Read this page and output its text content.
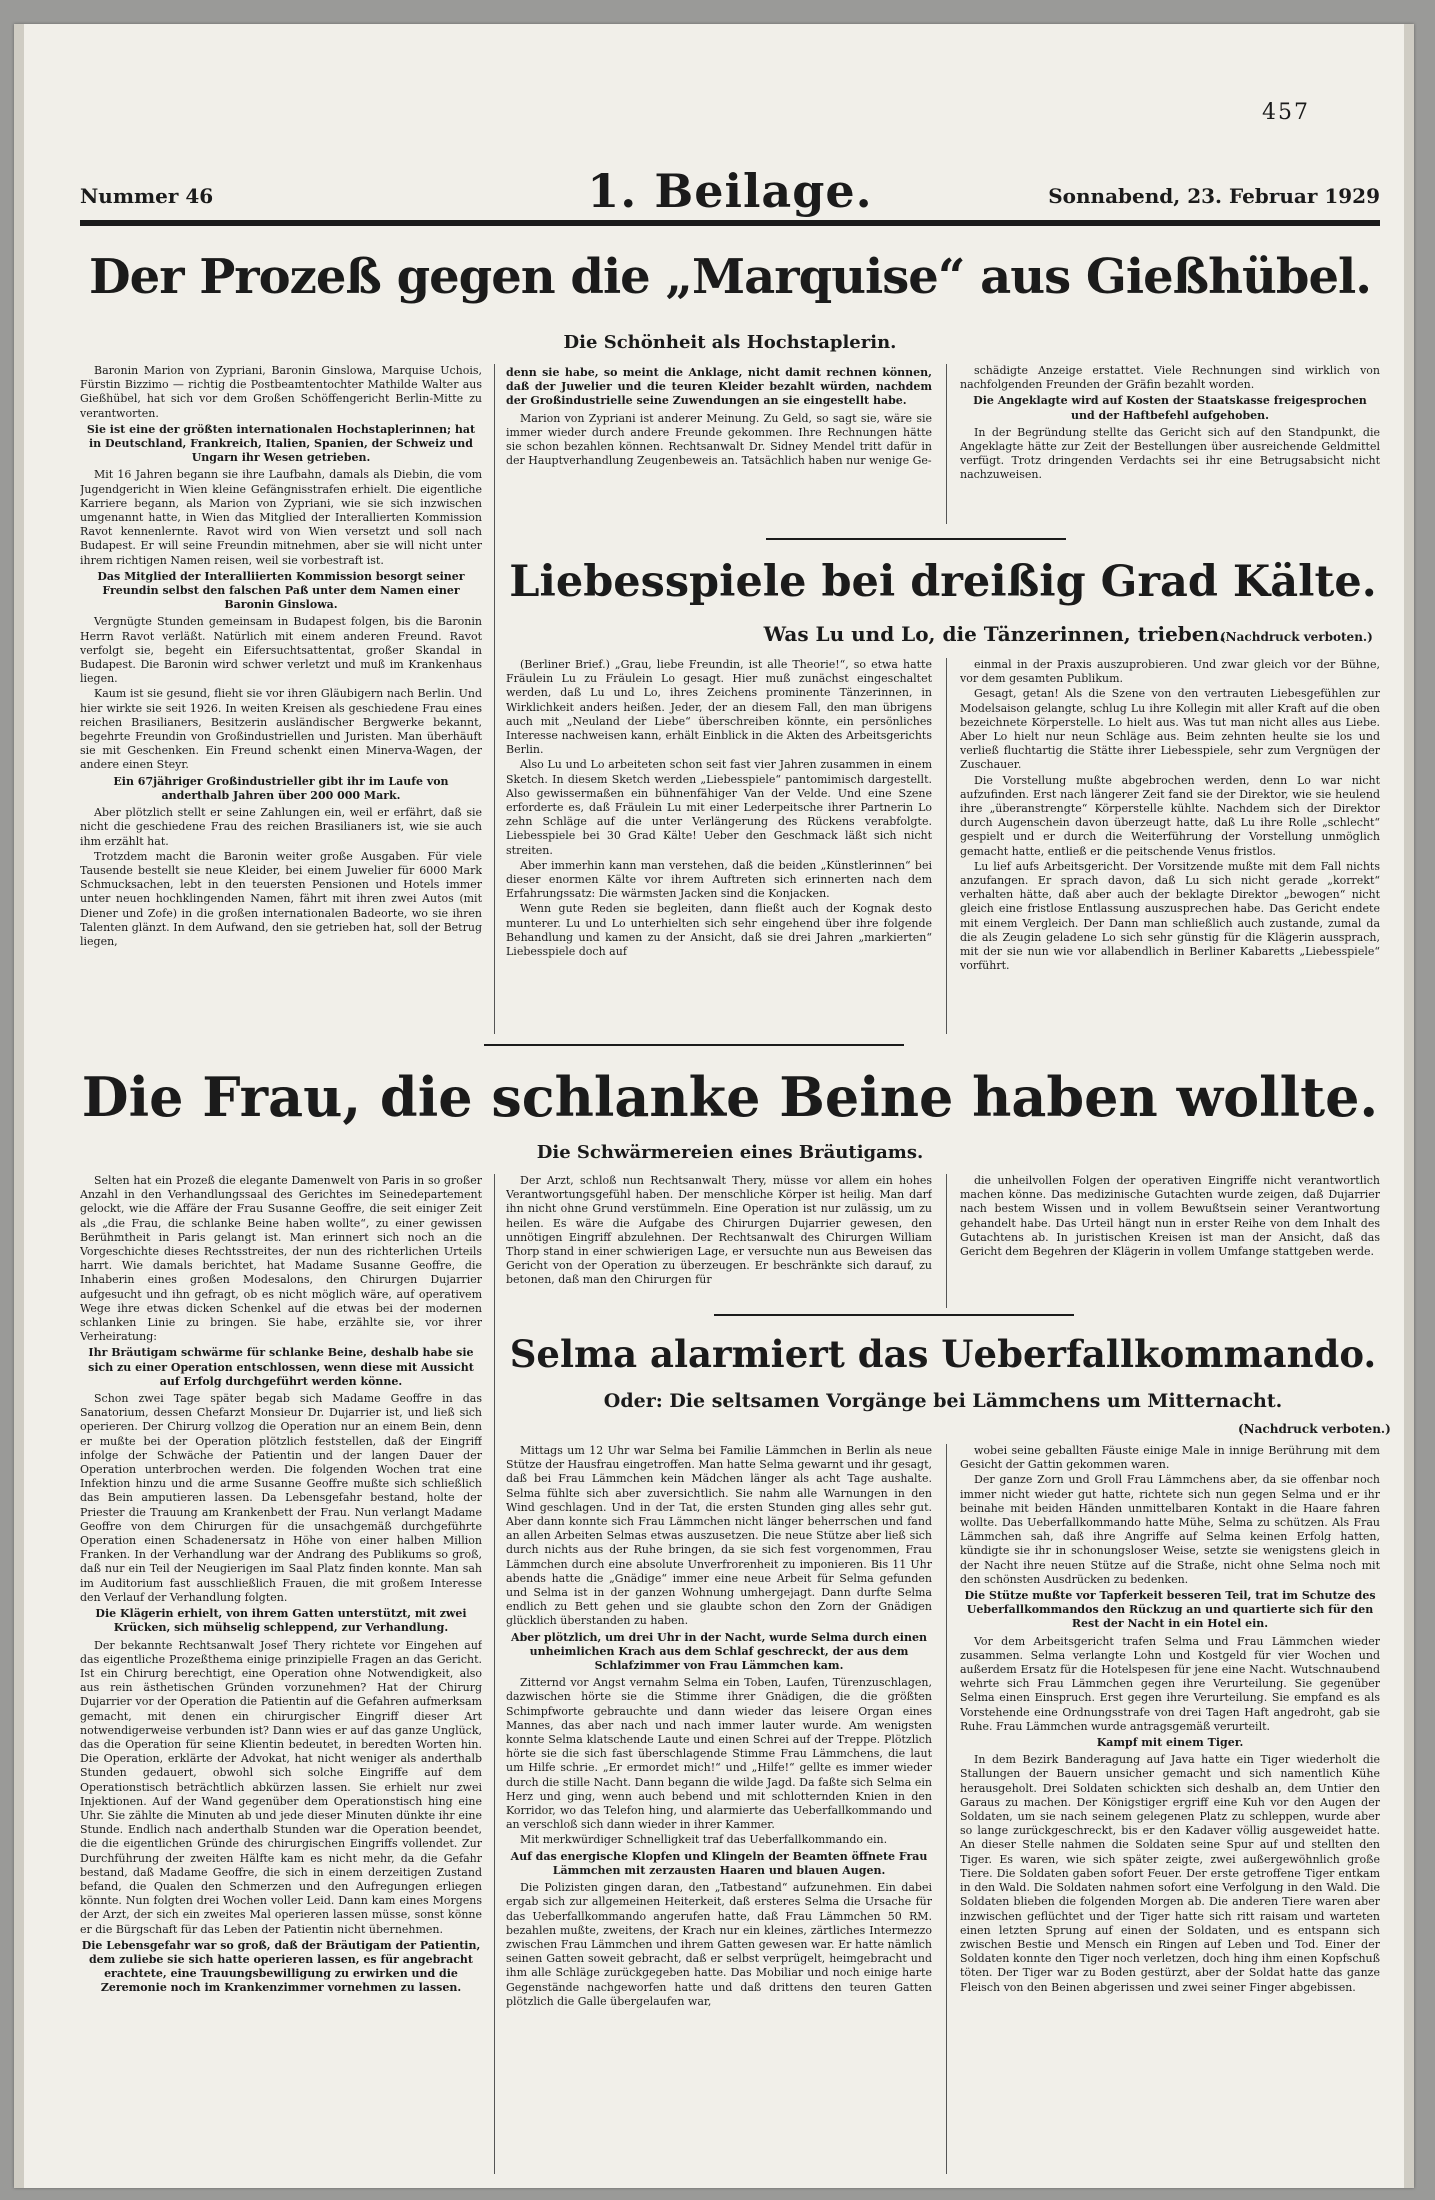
457
Nummer 46	1. Beilage.	Sonnabend, 23. Februar 1929
Der Prozeß gegen die „Marquise“ aus Gießhübel.
Die Schönheit als Hochstaplerin.

Baronin Marion von Zypriani, Baronin Ginslowa, Marquise Uchois, Fürstin Bizzimo — richtig die Postbeamtentochter Mathilde Walter aus Gießhübel, hat sich vor dem Großen Schöffengericht Berlin-Mitte zu verantworten.

Sie ist eine der größten internationalen Hochstaplerinnen; hat in Deutschland, Frankreich, Italien, Spanien, der Schweiz und Ungarn ihr Wesen getrieben.

Mit 16 Jahren begann sie ihre Laufbahn, damals als Diebin, die vom Jugendgericht in Wien kleine Gefängnisstrafen erhielt. Die eigentliche Karriere begann, als Marion von Zypriani, wie sie sich inzwischen umgenannt hatte, in Wien das Mitglied der Interallierten Kommission Ravot kennenlernte. Ravot wird von Wien versetzt und soll nach Budapest. Er will seine Freundin mitnehmen, aber sie will nicht unter ihrem richtigen Namen reisen, weil sie vorbestraft ist.

Das Mitglied der Interalliierten Kommission besorgt seiner Freundin selbst den falschen Paß unter dem Namen einer Baronin Ginslowa.

Vergnügte Stunden gemeinsam in Budapest folgen, bis die Baronin Herrn Ravot verläßt. Natürlich mit einem anderen Freund. Ravot verfolgt sie, begeht ein Eifersuchtsattentat, großer Skandal in Budapest. Die Baronin wird schwer verletzt und muß im Krankenhaus liegen.

Kaum ist sie gesund, flieht sie vor ihren Gläubigern nach Berlin. Und hier wirkte sie seit 1926. In weiten Kreisen als geschiedene Frau eines reichen Brasilianers, Besitzerin ausländischer Bergwerke bekannt, begehrte Freundin von Großindustriellen und Juristen. Man überhäuft sie mit Geschenken. Ein Freund schenkt einen Minerva-Wagen, der andere einen Steyr.

Ein 67jähriger Großindustrieller gibt ihr im Laufe von anderthalb Jahren über 200 000 Mark.

Aber plötzlich stellt er seine Zahlungen ein, weil er erfährt, daß sie nicht die geschiedene Frau des reichen Brasilianers ist, wie sie auch ihm erzählt hat.

Trotzdem macht die Baronin weiter große Ausgaben. Für viele Tausende bestellt sie neue Kleider, bei einem Juwelier für 6000 Mark Schmucksachen, lebt in den teuersten Pensionen und Hotels immer unter neuen hochklingenden Namen, fährt mit ihren zwei Autos (mit Diener und Zofe) in die großen internationalen Badeorte, wo sie ihren Talenten glänzt. In dem Aufwand, den sie getrieben hat, soll der Betrug liegen,

denn sie habe, so meint die Anklage, nicht damit rechnen können, daß der Juwelier und die teuren Kleider bezahlt würden, nachdem der Großindustrielle seine Zuwendungen an sie eingestellt habe.

Marion von Zypriani ist anderer Meinung. Zu Geld, so sagt sie, wäre sie immer wieder durch andere Freunde gekommen. Ihre Rechnungen hätte sie schon bezahlen können. Rechtsanwalt Dr. Sidney Mendel tritt dafür in der Hauptverhandlung Zeugenbeweis an. Tatsächlich haben nur wenige Ge-

schädigte Anzeige erstattet. Viele Rechnungen sind wirklich von nachfolgenden Freunden der Gräfin bezahlt worden.

Die Angeklagte wird auf Kosten der Staatskasse freigesprochen und der Haftbefehl aufgehoben.

In der Begründung stellte das Gericht sich auf den Standpunkt, die Angeklagte hätte zur Zeit der Bestellungen über ausreichende Geldmittel verfügt. Trotz dringenden Verdachts sei ihr eine Betrugsabsicht nicht nachzuweisen.

Liebesspiele bei dreißig Grad Kälte.
Was Lu und Lo, die Tänzerinnen, trieben.
(Nachdruck verboten.)

(Berliner Brief.) „Grau, liebe Freundin, ist alle Theorie!“, so etwa hatte Fräulein Lu zu Fräulein Lo gesagt. Hier muß zunächst eingeschaltet werden, daß Lu und Lo, ihres Zeichens prominente Tänzerinnen, in Wirklichkeit anders heißen. Jeder, der an diesem Fall, den man übrigens auch mit „Neuland der Liebe“ überschreiben könnte, ein persönliches Interesse nachweisen kann, erhält Einblick in die Akten des Arbeitsgerichts Berlin.

Also Lu und Lo arbeiteten schon seit fast vier Jahren zusammen in einem Sketch. In diesem Sketch werden „Liebesspiele“ pantomimisch dargestellt. Also gewissermaßen ein bühnenfähiger Van der Velde. Und eine Szene erforderte es, daß Fräulein Lu mit einer Lederpeitsche ihrer Partnerin Lo zehn Schläge auf die unter Verlängerung des Rückens verabfolgte. Liebesspiele bei 30 Grad Kälte! Ueber den Geschmack läßt sich nicht streiten.

Aber immerhin kann man verstehen, daß die beiden „Künstlerinnen“ bei dieser enormen Kälte vor ihrem Auftreten sich erinnerten nach dem Erfahrungssatz: Die wärmsten Jacken sind die Konjacken.

Wenn gute Reden sie begleiten, dann fließt auch der Kognak desto munterer. Lu und Lo unterhielten sich sehr eingehend über ihre folgende Behandlung und kamen zu der Ansicht, daß sie drei Jahren „markierten“ Liebesspiele doch auf

einmal in der Praxis auszuprobieren. Und zwar gleich vor der Bühne, vor dem gesamten Publikum.

Gesagt, getan! Als die Szene von den vertrauten Liebesgefühlen zur Modelsaison gelangte, schlug Lu ihre Kollegin mit aller Kraft auf die oben bezeichnete Körperstelle. Lo hielt aus. Was tut man nicht alles aus Liebe. Aber Lo hielt nur neun Schläge aus. Beim zehnten heulte sie los und verließ fluchtartig die Stätte ihrer Liebesspiele, sehr zum Vergnügen der Zuschauer.

Die Vorstellung mußte abgebrochen werden, denn Lo war nicht aufzufinden. Erst nach längerer Zeit fand sie der Direktor, wie sie heulend ihre „überanstrengte“ Körperstelle kühlte. Nachdem sich der Direktor durch Augenschein davon überzeugt hatte, daß Lu ihre Rolle „schlecht“ gespielt und er durch die Weiterführung der Vorstellung unmöglich gemacht hatte, entließ er die peitschende Venus fristlos.

Lu lief aufs Arbeitsgericht. Der Vorsitzende mußte mit dem Fall nichts anzufangen. Er sprach davon, daß Lu sich nicht gerade „korrekt“ verhalten hätte, daß aber auch der beklagte Direktor „bewogen“ nicht gleich eine fristlose Entlassung auszusprechen habe. Das Gericht endete mit einem Vergleich. Der Dann man schließlich auch zustande, zumal da die als Zeugin geladene Lo sich sehr günstig für die Klägerin aussprach, mit der sie nun wie vor allabendlich in Berliner Kabaretts „Liebesspiele“ vorführt.

Die Frau, die schlanke Beine haben wollte.
Die Schwärmereien eines Bräutigams.

Selten hat ein Prozeß die elegante Damenwelt von Paris in so großer Anzahl in den Verhandlungssaal des Gerichtes im Seinedepartement gelockt, wie die Affäre der Frau Susanne Geoffre, die seit einiger Zeit als „die Frau, die schlanke Beine haben wollte“, zu einer gewissen Berühmtheit in Paris gelangt ist. Man erinnert sich noch an die Vorgeschichte dieses Rechtsstreites, der nun des richterlichen Urteils harrt. Wie damals berichtet, hat Madame Susanne Geoffre, die Inhaberin eines großen Modesalons, den Chirurgen Dujarrier aufgesucht und ihn gefragt, ob es nicht möglich wäre, auf operativem Wege ihre etwas dicken Schenkel auf die etwas bei der modernen schlanken Linie zu bringen. Sie habe, erzählte sie, vor ihrer Verheiratung:

Ihr Bräutigam schwärme für schlanke Beine, deshalb habe sie sich zu einer Operation entschlossen, wenn diese mit Aussicht auf Erfolg durchgeführt werden könne.

Schon zwei Tage später begab sich Madame Geoffre in das Sanatorium, dessen Chefarzt Monsieur Dr. Dujarrier ist, und ließ sich operieren. Der Chirurg vollzog die Operation nur an einem Bein, denn er mußte bei der Operation plötzlich feststellen, daß der Eingriff infolge der Schwäche der Patientin und der langen Dauer der Operation unterbrochen werden. Die folgenden Wochen trat eine Infektion hinzu und die arme Susanne Geoffre mußte sich schließlich das Bein amputieren lassen. Da Lebensgefahr bestand, holte der Priester die Trauung am Krankenbett der Frau. Nun verlangt Madame Geoffre von dem Chirurgen für die unsachgemäß durchgeführte Operation einen Schadenersatz in Höhe von einer halben Million Franken. In der Verhandlung war der Andrang des Publikums so groß, daß nur ein Teil der Neugierigen im Saal Platz finden konnte. Man sah im Auditorium fast ausschließlich Frauen, die mit großem Interesse den Verlauf der Verhandlung folgten.

Die Klägerin erhielt, von ihrem Gatten unterstützt, mit zwei Krücken, sich mühselig schleppend, zur Verhandlung.

Der bekannte Rechtsanwalt Josef Thery richtete vor Eingehen auf das eigentliche Prozeßthema einige prinzipielle Fragen an das Gericht. Ist ein Chirurg berechtigt, eine Operation ohne Notwendigkeit, also aus rein ästhetischen Gründen vorzunehmen? Hat der Chirurg Dujarrier vor der Operation die Patientin auf die Gefahren aufmerksam gemacht, mit denen ein chirurgischer Eingriff dieser Art notwendigerweise verbunden ist? Dann wies er auf das ganze Unglück, das die Operation für seine Klientin bedeutet, in beredten Worten hin. Die Operation, erklärte der Advokat, hat nicht weniger als anderthalb Stunden gedauert, obwohl sich solche Eingriffe auf dem Operationstisch beträchtlich abkürzen lassen. Sie erhielt nur zwei Injektionen. Auf der Wand gegenüber dem Operationstisch hing eine Uhr. Sie zählte die Minuten ab und jede dieser Minuten dünkte ihr eine Stunde. Endlich nach anderthalb Stunden war die Operation beendet, die die eigentlichen Gründe des chirurgischen Eingriffs vollendet. Zur Durchführung der zweiten Hälfte kam es nicht mehr, da die Gefahr bestand, daß Madame Geoffre, die sich in einem derzeitigen Zustand befand, die Qualen den Schmerzen und den Aufregungen erliegen könnte. Nun folgten drei Wochen voller Leid. Dann kam eines Morgens der Arzt, der sich ein zweites Mal operieren lassen müsse, sonst könne er die Bürgschaft für das Leben der Patientin nicht übernehmen.

Die Lebensgefahr war so groß, daß der Bräutigam der Patientin, dem zuliebe sie sich hatte operieren lassen, es für angebracht erachtete, eine Trauungsbewilligung zu erwirken und die Zeremonie noch im Krankenzimmer vornehmen zu lassen.

Der Arzt, schloß nun Rechtsanwalt Thery, müsse vor allem ein hohes Verantwortungsgefühl haben. Der menschliche Körper ist heilig. Man darf ihn nicht ohne Grund verstümmeln. Eine Operation ist nur zulässig, um zu heilen. Es wäre die Aufgabe des Chirurgen Dujarrier gewesen, den unnötigen Eingriff abzulehnen. Der Rechtsanwalt des Chirurgen William Thorp stand in einer schwierigen Lage, er versuchte nun aus Beweisen das Gericht von der Operation zu überzeugen. Er beschränkte sich darauf, zu betonen, daß man den Chirurgen für

die unheilvollen Folgen der operativen Eingriffe nicht verantwortlich machen könne. Das medizinische Gutachten wurde zeigen, daß Dujarrier nach bestem Wissen und in vollem Bewußtsein seiner Verantwortung gehandelt habe. Das Urteil hängt nun in erster Reihe von dem Inhalt des Gutachtens ab. In juristischen Kreisen ist man der Ansicht, daß das Gericht dem Begehren der Klägerin in vollem Umfange stattgeben werde.

Selma alarmiert das Ueberfallkommando.
Oder: Die seltsamen Vorgänge bei Lämmchens um Mitternacht.
(Nachdruck verboten.)

Mittags um 12 Uhr war Selma bei Familie Lämmchen in Berlin als neue Stütze der Hausfrau eingetroffen. Man hatte Selma gewarnt und ihr gesagt, daß bei Frau Lämmchen kein Mädchen länger als acht Tage aushalte. Selma fühlte sich aber zuversichtlich. Sie nahm alle Warnungen in den Wind geschlagen. Und in der Tat, die ersten Stunden ging alles sehr gut. Aber dann konnte sich Frau Lämmchen nicht länger beherrschen und fand an allen Arbeiten Selmas etwas auszusetzen. Die neue Stütze aber ließ sich durch nichts aus der Ruhe bringen, da sie sich fest vorgenommen, Frau Lämmchen durch eine absolute Unverfrorenheit zu imponieren. Bis 11 Uhr abends hatte die „Gnädige“ immer eine neue Arbeit für Selma gefunden und Selma ist in der ganzen Wohnung umhergejagt. Dann durfte Selma endlich zu Bett gehen und sie glaubte schon den Zorn der Gnädigen glücklich überstanden zu haben.

Aber plötzlich, um drei Uhr in der Nacht, wurde Selma durch einen unheimlichen Krach aus dem Schlaf geschreckt, der aus dem Schlafzimmer von Frau Lämmchen kam.

Zitternd vor Angst vernahm Selma ein Toben, Laufen, Türenzuschlagen, dazwischen hörte sie die Stimme ihrer Gnädigen, die die größten Schimpfworte gebrauchte und dann wieder das leisere Organ eines Mannes, das aber nach und nach immer lauter wurde. Am wenigsten konnte Selma klatschende Laute und einen Schrei auf der Treppe. Plötzlich hörte sie die sich fast überschlagende Stimme Frau Lämmchens, die laut um Hilfe schrie. „Er ermordet mich!“ und „Hilfe!“ gellte es immer wieder durch die stille Nacht. Dann begann die wilde Jagd. Da faßte sich Selma ein Herz und ging, wenn auch bebend und mit schlotternden Knien in den Korridor, wo das Telefon hing, und alarmierte das Ueberfallkommando und an verschloß sich dann wieder in ihrer Kammer.

Mit merkwürdiger Schnelligkeit traf das Ueberfallkommando ein.

Auf das energische Klopfen und Klingeln der Beamten öffnete Frau Lämmchen mit zerzausten Haaren und blauen Augen.

Die Polizisten gingen daran, den „Tatbestand“ aufzunehmen. Ein dabei ergab sich zur allgemeinen Heiterkeit, daß ersteres Selma die Ursache für das Ueberfallkommando angerufen hatte, daß Frau Lämmchen 50 RM. bezahlen mußte, zweitens, der Krach nur ein kleines, zärtliches Intermezzo zwischen Frau Lämmchen und ihrem Gatten gewesen war. Er hatte nämlich seinen Gatten soweit gebracht, daß er selbst verprügelt, heimgebracht und ihm alle Schläge zurückgegeben hatte. Das Mobiliar und noch einige harte Gegenstände nachgeworfen hatte und daß drittens den teuren Gatten plötzlich die Galle übergelaufen war,

wobei seine geballten Fäuste einige Male in innige Berührung mit dem Gesicht der Gattin gekommen waren.

Der ganze Zorn und Groll Frau Lämmchens aber, da sie offenbar noch immer nicht wieder gut hatte, richtete sich nun gegen Selma und er ihr beinahe mit beiden Händen unmittelbaren Kontakt in die Haare fahren wollte. Das Ueberfallkommando hatte Mühe, Selma zu schützen. Als Frau Lämmchen sah, daß ihre Angriffe auf Selma keinen Erfolg hatten, kündigte sie ihr in schonungsloser Weise, setzte sie wenigstens gleich in der Nacht ihre neuen Stütze auf die Straße, nicht ohne Selma noch mit den schönsten Ausdrücken zu bedenken.

Die Stütze mußte vor Tapferkeit besseren Teil, trat im Schutze des Ueberfallkommandos den Rückzug an und quartierte sich für den Rest der Nacht in ein Hotel ein.

Vor dem Arbeitsgericht trafen Selma und Frau Lämmchen wieder zusammen. Selma verlangte Lohn und Kostgeld für vier Wochen und außerdem Ersatz für die Hotelspesen für jene eine Nacht. Wutschnaubend wehrte sich Frau Lämmchen gegen ihre Verurteilung. Sie gegenüber Selma einen Einspruch. Erst gegen ihre Verurteilung. Sie empfand es als Vorstehende eine Ordnungsstrafe von drei Tagen Haft angedroht, gab sie Ruhe. Frau Lämmchen wurde antragsgemäß verurteilt.

Kampf mit einem Tiger.

In dem Bezirk Banderagung auf Java hatte ein Tiger wiederholt die Stallungen der Bauern unsicher gemacht und sich namentlich Kühe herausgeholt. Drei Soldaten schickten sich deshalb an, dem Untier den Garaus zu machen. Der Königstiger ergriff eine Kuh vor den Augen der Soldaten, um sie nach seinem gelegenen Platz zu schleppen, wurde aber so lange zurückgeschreckt, bis er den Kadaver völlig ausgeweidet hatte. An dieser Stelle nahmen die Soldaten seine Spur auf und stellten den Tiger. Es waren, wie sich später zeigte, zwei außergewöhnlich große Tiere. Die Soldaten gaben sofort Feuer. Der erste getroffene Tiger entkam in den Wald. Die Soldaten nahmen sofort eine Verfolgung in den Wald. Die Soldaten blieben die folgenden Morgen ab. Die anderen Tiere waren aber inzwischen geflüchtet und der Tiger hatte sich ritt raisam und warteten einen letzten Sprung auf einen der Soldaten, und es entspann sich zwischen Bestie und Mensch ein Ringen auf Leben und Tod. Einer der Soldaten konnte den Tiger noch verletzen, doch hing ihm einen Kopfschuß töten. Der Tiger war zu Boden gestürzt, aber der Soldat hatte das ganze Fleisch von den Beinen abgerissen und zwei seiner Finger abgebissen.
